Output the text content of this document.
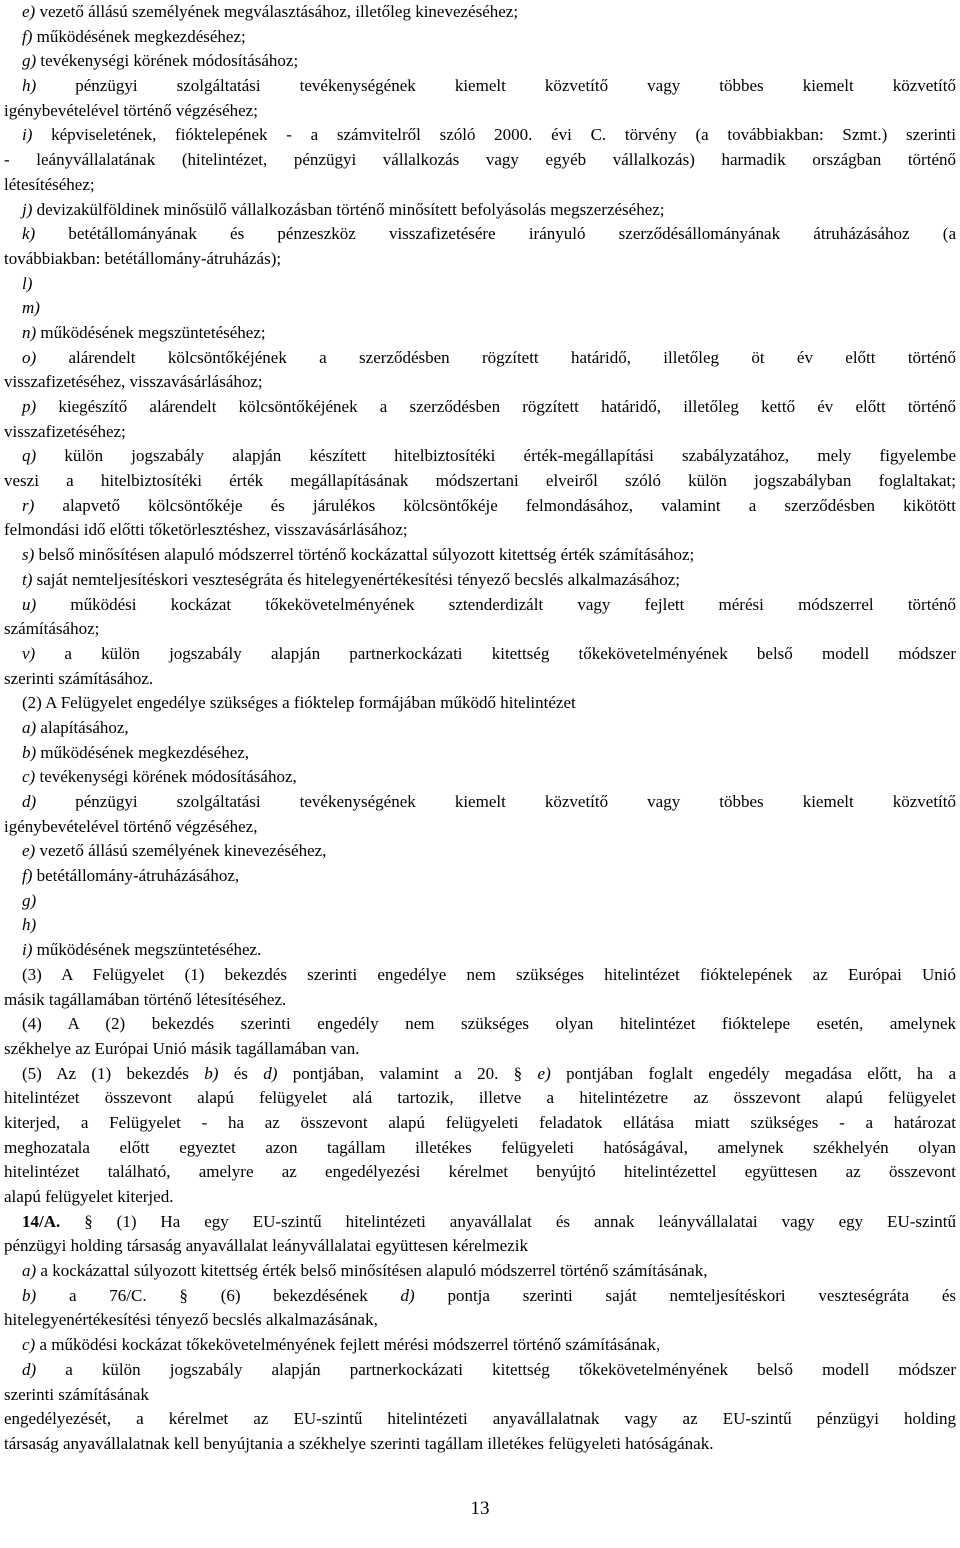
e) vezető állású személyének megválasztásához, illetőleg kinevezéséhez;
f) működésének megkezdéséhez;
g) tevékenységi körének módosításához;
h) pénzügyi szolgáltatási tevékenységének kiemelt közvetítő vagy többes kiemelt közvetítő
igénybevételével történő végzéséhez;
i) képviseletének, fióktelepének - a számvitelről szóló 2000. évi C. törvény (a továbbiakban: Szmt.) szerinti
- leányvállalatának (hitelintézet, pénzügyi vállalkozás vagy egyéb vállalkozás) harmadik országban történő
létesítéséhez;
j) devizakülföldinek minősülő vállalkozásban történő minősített befolyásolás megszerzéséhez;
k) betétállományának és pénzeszköz visszafizetésére irányuló szerződésállományának átruházásához (a
továbbiakban: betétállomány-átruházás);
l)
m)
n) működésének megszüntetéséhez;
o) alárendelt kölcsöntőkéjének a szerződésben rögzített határidő, illetőleg öt év előtt történő
visszafizetéséhez, visszavásárlásához;
p) kiegészítő alárendelt kölcsöntőkéjének a szerződésben rögzített határidő, illetőleg kettő év előtt történő
visszafizetéséhez;
q) külön jogszabály alapján készített hitelbiztosítéki érték-megállapítási szabályzatához, mely figyelembe
veszi a hitelbiztosítéki érték megállapításának módszertani elveiről szóló külön jogszabályban foglaltakat;
r) alapvető kölcsöntőkéje és járulékos kölcsöntőkéje felmondásához, valamint a szerződésben kikötött
felmondási idő előtti tőketörlesztéshez, visszavásárlásához;
s) belső minősítésen alapuló módszerrel történő kockázattal súlyozott kitettség érték számításához;
t) saját nemteljesítéskori veszteségráta és hitelegyenértékesítési tényező becslés alkalmazásához;
u) működési kockázat tőkekövetelményének sztenderdizált vagy fejlett mérési módszerrel történő
számításához;
v) a külön jogszabály alapján partnerkockázati kitettség tőkekövetelményének belső modell módszer
szerinti számításához.
(2) A Felügyelet engedélye szükséges a fióktelep formájában működő hitelintézet
a) alapításához,
b) működésének megkezdéséhez,
c) tevékenységi körének módosításához,
d) pénzügyi szolgáltatási tevékenységének kiemelt közvetítő vagy többes kiemelt közvetítő
igénybevételével történő végzéséhez,
e) vezető állású személyének kinevezéséhez,
f) betétállomány-átruházásához,
g)
h)
i) működésének megszüntetéséhez.
(3) A Felügyelet (1) bekezdés szerinti engedélye nem szükséges hitelintézet fióktelepének az Európai Unió
másik tagállamában történő létesítéséhez.
(4) A (2) bekezdés szerinti engedély nem szükséges olyan hitelintézet fióktelepe esetén, amelynek
székhelye az Európai Unió másik tagállamában van.
(5) Az (1) bekezdés b) és d) pontjában, valamint a 20. § e) pontjában foglalt engedély megadása előtt, ha a
hitelintézet összevont alapú felügyelet alá tartozik, illetve a hitelintézetre az összevont alapú felügyelet
kiterjed, a Felügyelet - ha az összevont alapú felügyeleti feladatok ellátása miatt szükséges - a határozat
meghozatala előtt egyeztet azon tagállam illetékes felügyeleti hatóságával, amelynek székhelyén olyan
hitelintézet található, amelyre az engedélyezési kérelmet benyújtó hitelintézettel együttesen az összevont
alapú felügyelet kiterjed.
14/A. § (1) Ha egy EU-szintű hitelintézeti anyavállalat és annak leányvállalatai vagy egy EU-szintű
pénzügyi holding társaság anyavállalat leányvállalatai együttesen kérelmezik
a) a kockázattal súlyozott kitettség érték belső minősítésen alapuló módszerrel történő számításának,
b) a 76/C. § (6) bekezdésének d) pontja szerinti saját nemteljesítéskori veszteségráta és
hitelegyenértékesítési tényező becslés alkalmazásának,
c) a működési kockázat tőkekövetelményének fejlett mérési módszerrel történő számításának,
d) a külön jogszabály alapján partnerkockázati kitettség tőkekövetelményének belső modell módszer
szerinti számításának
engedélyezését, a kérelmet az EU-szintű hitelintézeti anyavállalatnak vagy az EU-szintű pénzügyi holding
társaság anyavállalatnak kell benyújtania a székhelye szerinti tagállam illetékes felügyeleti hatóságának.
13
